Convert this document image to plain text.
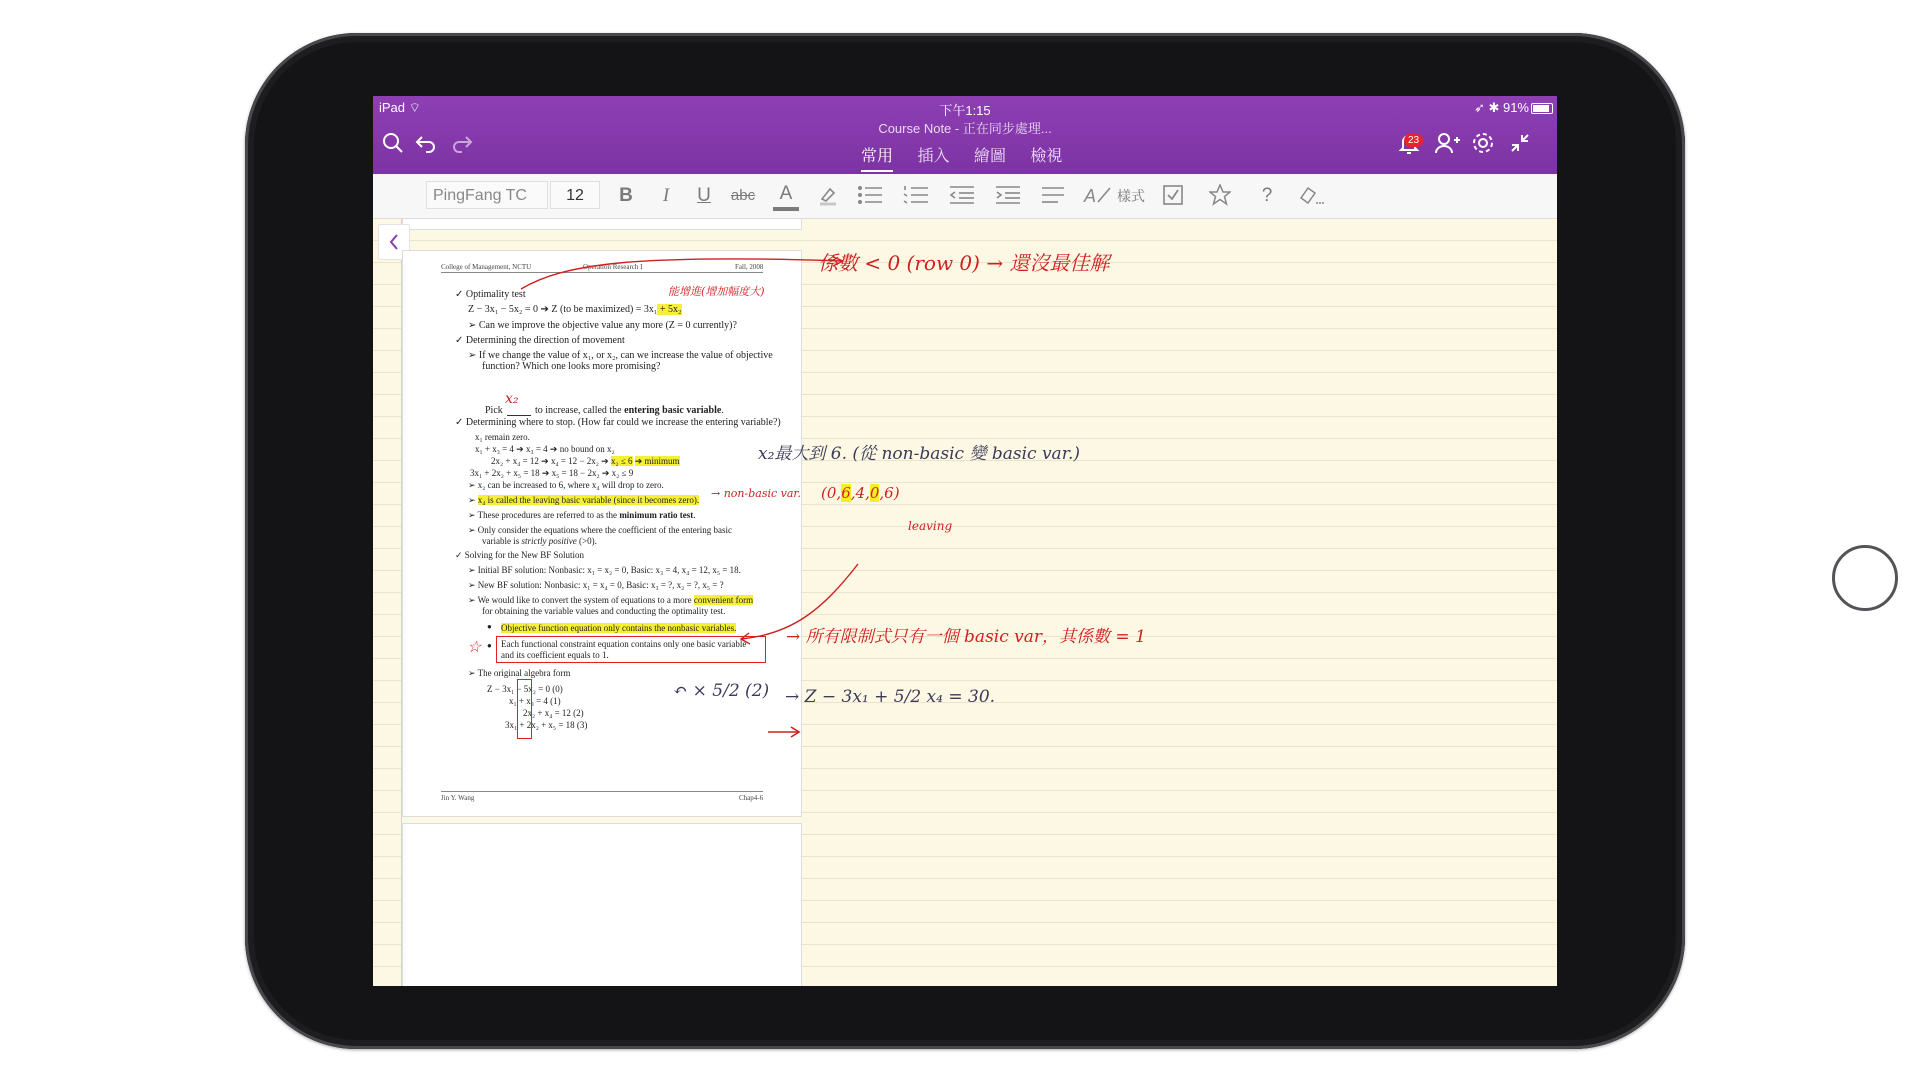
iPad ⌔	下午1:15	➶ ✱ 91%
Course Note - 正在同步處理...
常用 插入 繪圖 檢視
23
PingFang TC	12	B	I	U abc	A	A 樣式	?
College of Management, NCTU	Operation Research I	Fall, 2008
✓ Optimality test
Z − 3x₁ − 5x₂ = 0 ➔ Z (to be maximized) = 3x₁ + 5x₂
➢ Can we improve the objective value any more (Z = 0 currently)?
✓ Determining the direction of movement
➢ If we change the value of x₁, or x₂, can we increase the value of objective
function? Which one looks more promising?
Pick	to increase, called the entering basic variable.
✓ Determining where to stop. (How far could we increase the entering variable?)
x₁ remain zero.
x₁ + x₃ = 4 ➔ x₃ = 4 ➔ no bound on x₂
2x₂ + x₄ = 12 ➔ x₄ = 12 − 2x₂ ➔ x₂ ≤ 6 ➔ minimum
3x₁ + 2x₂ + x₅ = 18 ➔ x₅ = 18 − 2x₂ ➔ x₂ ≤ 9
➢ x₂ can be increased to 6, where x₄ will drop to zero.
➢ x₄ is called the leaving basic variable (since it becomes zero).
➢ These procedures are referred to as the minimum ratio test.
➢ Only consider the equations where the coefficient of the entering basic
variable is strictly positive (>0).
✓ Solving for the New BF Solution
➢ Initial BF solution: Nonbasic: x₁ = x₂ = 0, Basic: x₃ = 4, x₄ = 12, x₅ = 18.
➢ New BF solution: Nonbasic: x₁ = x₄ = 0, Basic: x₃ = ?, x₂ = ?, x₅ = ?
➢ We would like to convert the system of equations to a more convenient form
for obtaining the variable values and conducting the optimality test.
● Objective function equation only contains the nonbasic variables.
● Each functional constraint equation contains only one basic variable
and its coefficient equals to 1.
➢ The original algebra form
Z − 3x₁ − 5x₂ = 0 (0)
x₁ + x₃ = 4 (1)
2x₂ + x₄ = 12 (2)
3x₁ + 2x₂ + x₅ = 18 (3)
Jin Y. Wang	Chap4-6
係數 < 0 (row 0) → 還沒最佳解
能增進(增加幅度大)
x₂
x₂最大到 6. (從 non-basic 變 basic var.)
→ non-basic var. (0,6,4,0,6)
leaving
☆	→ 所有限制式只有一個 basic var，其係數 = 1
↶ × 5/2 (2) → Z − 3x₁ + 5/2 x₄ = 30.
